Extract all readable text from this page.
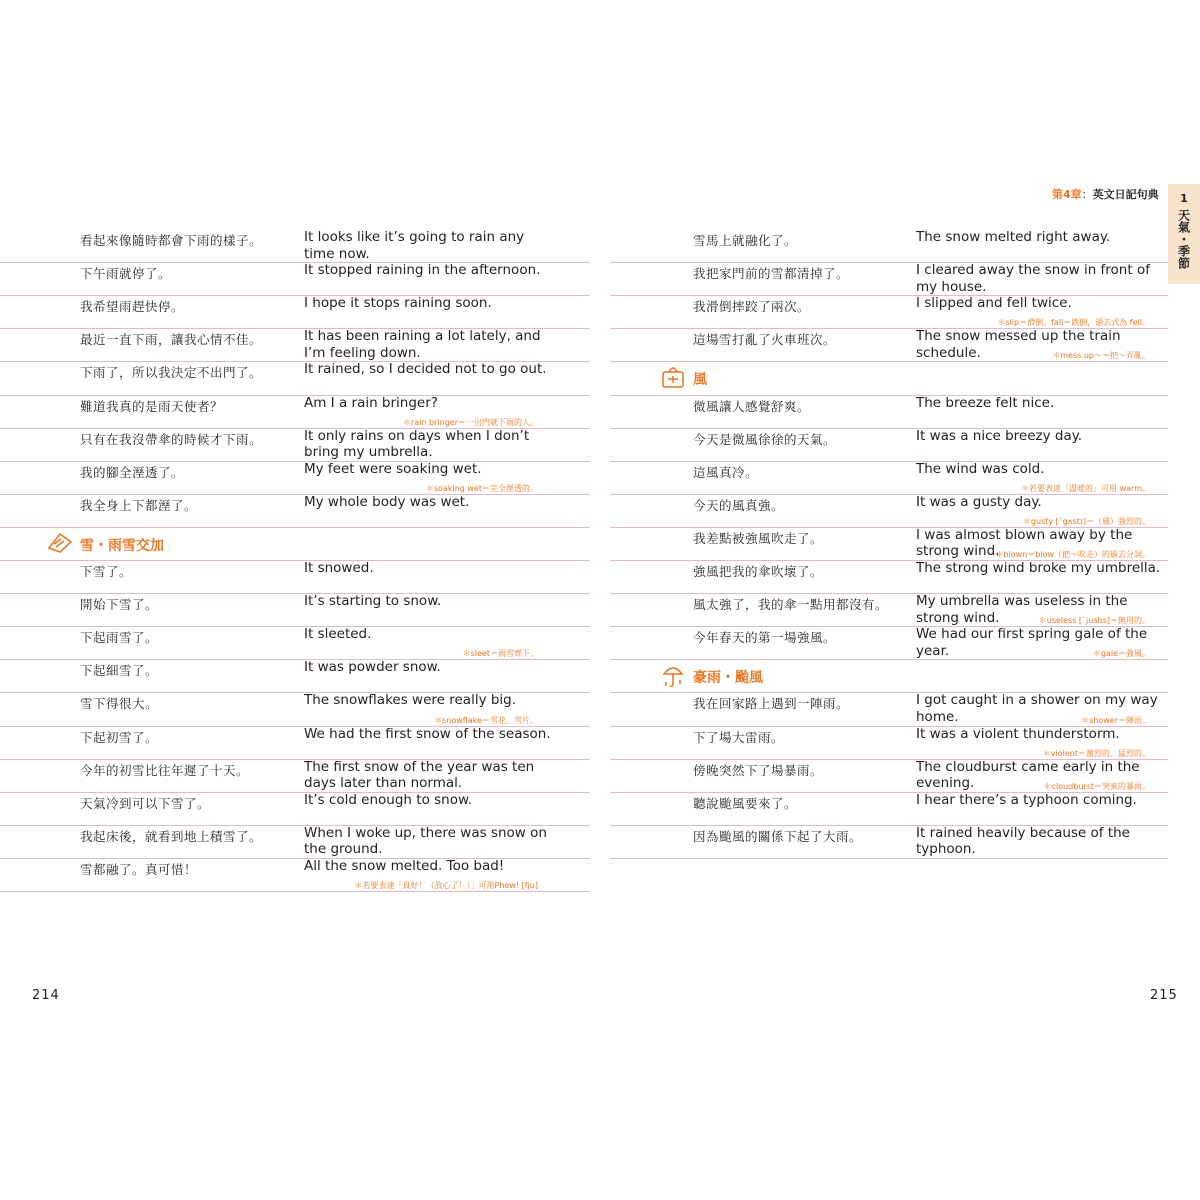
看起來像隨時都會下雨的樣子。	It looks like it’s going to rain any
time now.
下午雨就停了。	It stopped raining in the afternoon.
我希望雨趕快停。	I hope it stops raining soon.
最近一直下雨，讓我心情不佳。	It has been raining a lot lately, and
I’m feeling down.
下雨了，所以我決定不出門了。	It rained, so I decided not to go out.
難道我真的是雨天使者？	Am I a rain bringer?
＊rain bringer＝一出門就下雨的人。
只有在我沒帶傘的時候才下雨。	It only rains on days when I don’t
bring my umbrella.
我的腳全溼透了。	My feet were soaking wet.
＊soaking wet＝完全溼透的。
我全身上下都溼了。	My whole body was wet.
雪・雨雪交加
下雪了。	It snowed.
開始下雪了。	It’s starting to snow.
下起雨雪了。	It sleeted.
＊sleet＝雨雪齊下。
下起細雪了。	It was powder snow.
雪下得很大。	The snowflakes were really big.
＊snowflake＝雪花、雪片。
下起初雪了。	We had the first snow of the season.
今年的初雪比往年遲了十天。	The first snow of the year was ten
days later than normal.
天氣冷到可以下雪了。	It’s cold enough to snow.
我起床後，就看到地上積雪了。	When I woke up, there was snow on
the ground.
雪都融了。真可惜！	All the snow melted. Too bad!
＊若要表達「真好！（放心了！）」可用Phew! [fju]
雪馬上就融化了。	The snow melted right away.
我把家門前的雪都清掉了。	I cleared away the snow in front of
my house.
我滑倒摔跤了兩次。	I slipped and fell twice.
＊slip＝滑倒。fall＝跌倒，過去式為 fell。
這場雪打亂了火車班次。	The snow messed up the train
schedule.	＊mess up～＝把～弄亂。
風
微風讓人感覺舒爽。	The breeze felt nice.
今天是微風徐徐的天氣。	It was a nice breezy day.
這風真冷。	The wind was cold.
＊若要表達「溫暖的」可用 warm。
今天的風真強。	It was a gusty day.
＊gusty [ˋgʌstɪ]＝（風）強烈的。
我差點被強風吹走了。	I was almost blown away by the
strong wind.
＊blown＝blow（把～吹走）的過去分詞。
強風把我的傘吹壞了。	The strong wind broke my umbrella.
風太強了，我的傘一點用都沒有。 My umbrella was useless in the
strong wind.	＊useless [ˋjuslɪs]＝無用的。
今年春天的第一場強風。	We had our first spring gale of the
year.	＊gale＝強風。
豪雨・颱風
我在回家路上遇到一陣雨。	I got caught in a shower on my way
home.	＊shower＝陣雨。
下了場大雷雨。	It was a violent thunderstorm.
＊violent＝激烈的、猛烈的。
傍晚突然下了場暴雨。	The cloudburst came early in the
evening.	＊cloudburst＝突來的暴雨。
聽說颱風要來了。	I hear there’s a typhoon coming.
因為颱風的關係下起了大雨。	It rained heavily because of the
typhoon.
第4章：英文日記句典	1
天氣・季節
214	215
